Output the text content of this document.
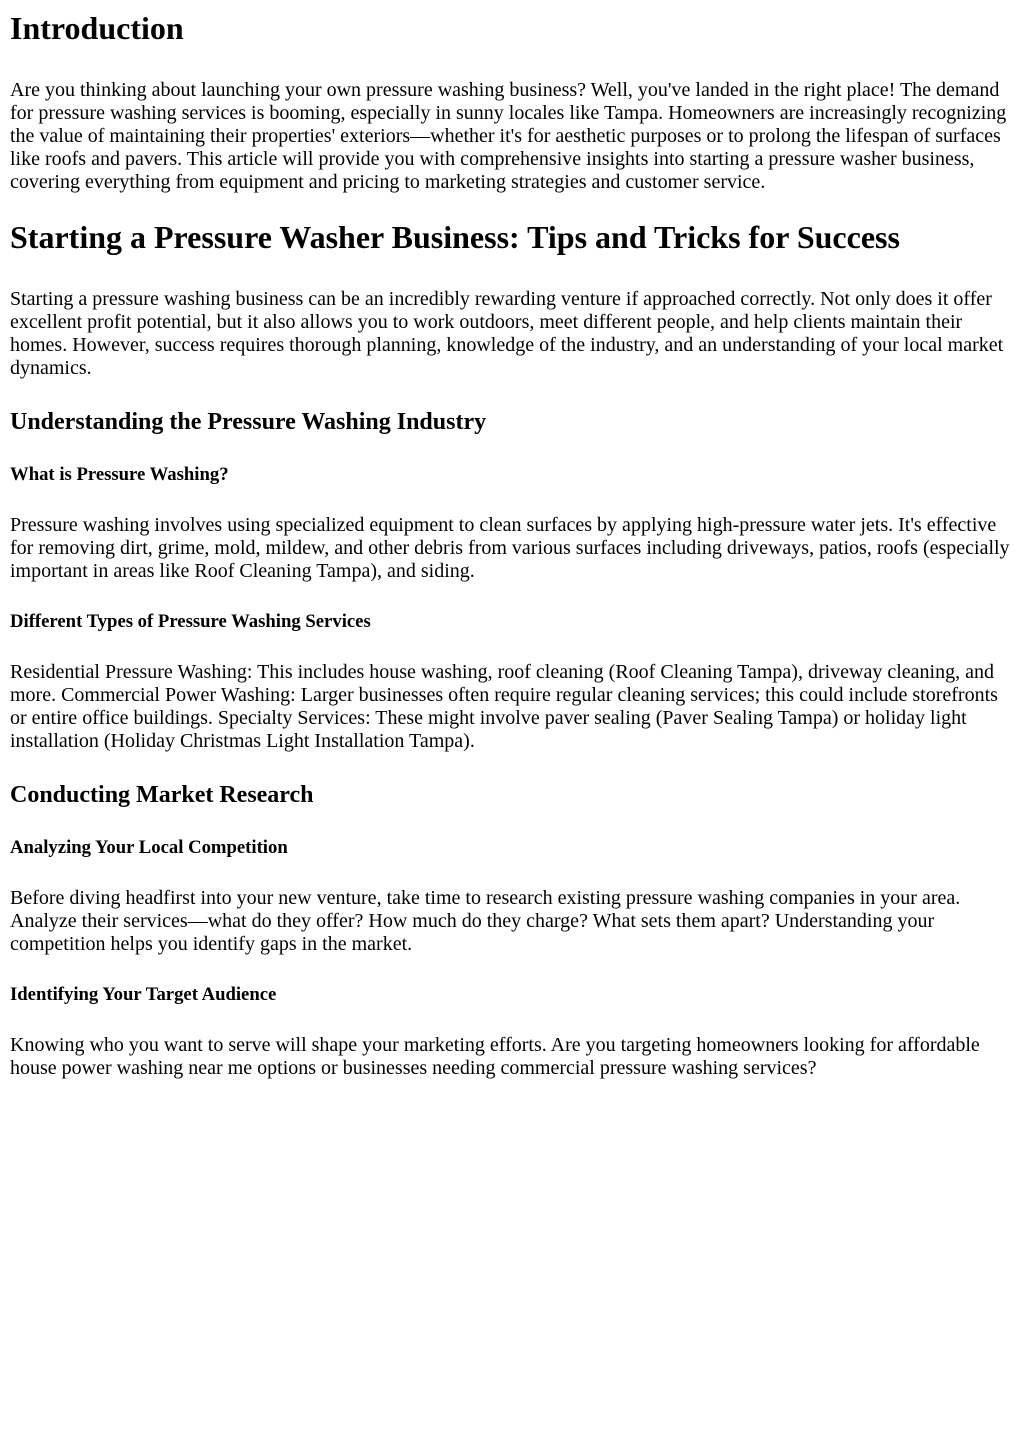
Introduction

Are you thinking about launching your own pressure washing business? Well, you've landed in the right place! The demand for pressure washing services is booming, especially in sunny locales like Tampa. Homeowners are increasingly recognizing the value of maintaining their properties' exteriors—whether it's for aesthetic purposes or to prolong the lifespan of surfaces like roofs and pavers. This article will provide you with comprehensive insights into starting a pressure washer business, covering everything from equipment and pricing to marketing strategies and customer service.

Starting a Pressure Washer Business: Tips and Tricks for Success

Starting a pressure washing business can be an incredibly rewarding venture if approached correctly. Not only does it offer excellent profit potential, but it also allows you to work outdoors, meet different people, and help clients maintain their homes. However, success requires thorough planning, knowledge of the industry, and an understanding of your local market dynamics.

Understanding the Pressure Washing Industry
What is Pressure Washing?

Pressure washing involves using specialized equipment to clean surfaces by applying high-pressure water jets. It's effective for removing dirt, grime, mold, mildew, and other debris from various surfaces including driveways, patios, roofs (especially important in areas like Roof Cleaning Tampa), and siding.

Different Types of Pressure Washing Services

Residential Pressure Washing: This includes house washing, roof cleaning (Roof Cleaning Tampa), driveway cleaning, and more. Commercial Power Washing: Larger businesses often require regular cleaning services; this could include storefronts or entire office buildings. Specialty Services: These might involve paver sealing (Paver Sealing Tampa) or holiday light installation (Holiday Christmas Light Installation Tampa).

Conducting Market Research
Analyzing Your Local Competition

Before diving headfirst into your new venture, take time to research existing pressure washing companies in your area. Analyze their services—what do they offer? How much do they charge? What sets them apart? Understanding your competition helps you identify gaps in the market.

Identifying Your Target Audience

Knowing who you want to serve will shape your marketing efforts. Are you targeting homeowners looking for affordable house power washing near me options or businesses needing commercial pressure washing services?
